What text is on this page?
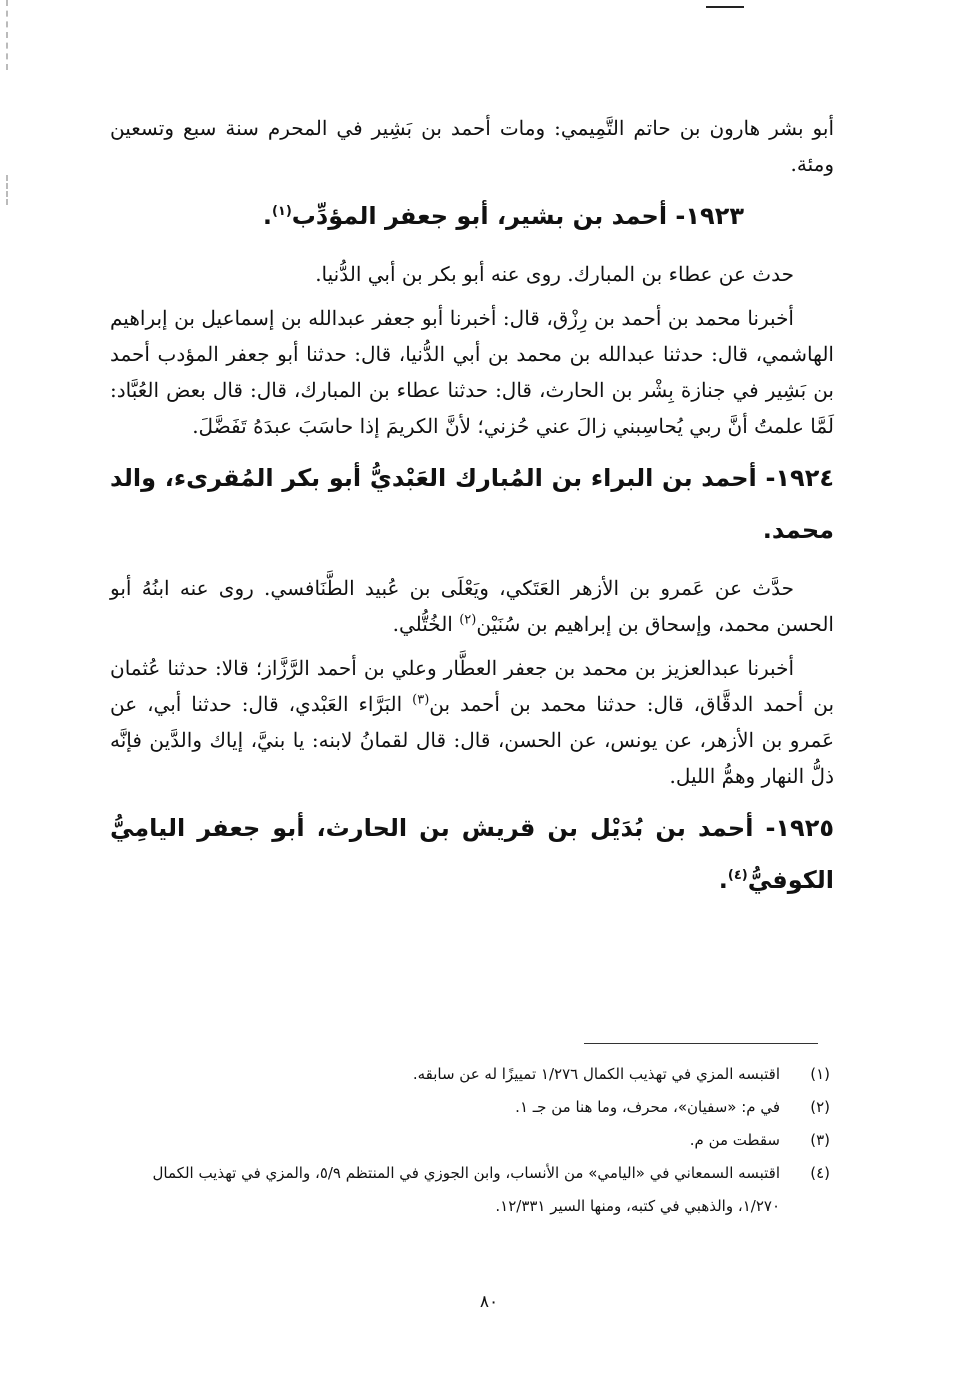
أبو بشر هارون بن حاتم التَّمِيمي: ومات أحمد بن بَشِير في المحرم سنة سبع وتسعين ومئة.

١٩٢٣- أحمد بن بشير، أبو جعفر المؤدِّب$^{(١)}$.

حدث عن عطاء بن المبارك. روى عنه أبو بكر بن أبي الدُّنيا.

أخبرنا محمد بن أحمد بن رِزْق، قال: أخبرنا أبو جعفر عبدالله بن إسماعيل بن إبراهيم الهاشمي، قال: حدثنا عبدالله بن محمد بن أبي الدُّنيا، قال: حدثنا أبو جعفر المؤدب أحمد بن بَشِير في جنازة بِشْر بن الحارث، قال: حدثنا عطاء بن المبارك، قال: قال بعض العُبَّاد: لَمَّا علمتُ أنَّ ربي يُحاسِبني زالَ عني حُزني؛ لأنَّ الكريمَ إذا حاسَبَ عبدَهُ تَفَضَّلَ.

١٩٢٤- أحمد بن البراء بن المُبارك العَبْديُّ أبو بكر المُقرىء، والد محمد.

حدَّث عن عَمرو بن الأزهر العَتَكي، ويَعْلَى بن عُبيد الطَّنَافسي. روى عنه ابنُهُ أبو الحسن محمد، وإسحاق بن إبراهيم بن سُنَيْن$^{(٢)}$ الخُتُّلي.

أخبرنا عبدالعزيز بن محمد بن جعفر العطَّار وعلي بن أحمد الرَّزَّاز؛ قالا: حدثنا عُثمان بن أحمد الدقَّاق، قال: حدثنا محمد بن أحمد بن$^{(٣)}$ البَرَّاء العَبْدي، قال: حدثنا أبي، عن عَمرو بن الأزهر، عن يونس، عن الحسن، قال: قال لقمانُ لابنه: يا بنيَّ، إياك والدَّين فإنَّه ذلُّ النهار وهمُّ الليل.

١٩٢٥- أحمد بن بُدَيْل بن قريش بن الحارث، أبو جعفر اليامِيُّ الكوفيُّ$^{(٤)}$.
(١)
اقتبسه المزي في تهذيب الكمال ١/٢٧٦ تمييزًا له عن سابقه.
(٢)
في م: «سفيان»، محرف، وما هنا من جـ ١.
(٣)
سقطت من م.
(٤)
اقتبسه السمعاني في «اليامي» من الأنساب، وابن الجوزي في المنتظم ٥/٩، والمزي في تهذيب الكمال ١/٢٧٠، والذهبي في كتبه، ومنها السير ١٢/٣٣١.
٨٠
